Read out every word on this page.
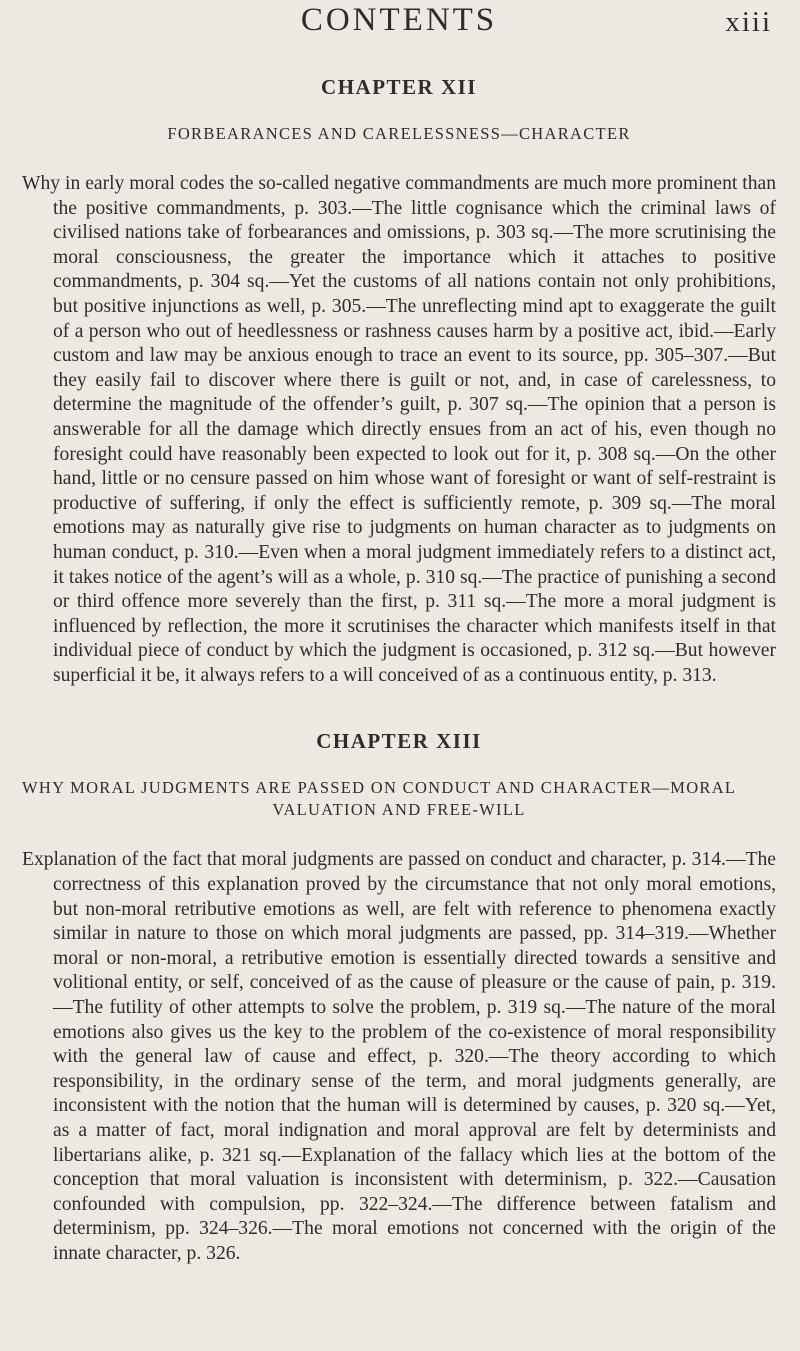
CONTENTS	xiii
CHAPTER XII
FORBEARANCES AND CARELESSNESS—CHARACTER

Why in early moral codes the so-called negative commandments are much more prominent than the positive commandments, p. 303.—The little cognisance which the criminal laws of civilised nations take of forbearances and omissions, p. 303 sq.—The more scrutinising the moral consciousness, the greater the importance which it attaches to positive commandments, p. 304 sq.—Yet the customs of all nations contain not only prohibitions, but positive injunctions as well, p. 305.—The unreflecting mind apt to exaggerate the guilt of a person who out of heedlessness or rashness causes harm by a positive act, ibid.—Early custom and law may be anxious enough to trace an event to its source, pp. 305–307.—But they easily fail to discover where there is guilt or not, and, in case of carelessness, to determine the magnitude of the offender’s guilt, p. 307 sq.—The opinion that a person is answerable for all the damage which directly ensues from an act of his, even though no foresight could have reasonably been expected to look out for it, p. 308 sq.—On the other hand, little or no censure passed on him whose want of foresight or want of self-restraint is productive of suffering, if only the effect is sufficiently remote, p. 309 sq.—The moral emotions may as naturally give rise to judgments on human character as to judgments on human conduct, p. 310.—Even when a moral judgment immediately refers to a distinct act, it takes notice of the agent’s will as a whole, p. 310 sq.—The practice of punishing a second or third offence more severely than the first, p. 311 sq.—The more a moral judgment is influenced by reflection, the more it scrutinises the character which manifests itself in that individual piece of conduct by which the judgment is occasioned, p. 312 sq.—But however superficial it be, it always refers to a will conceived of as a continuous entity, p. 313.

CHAPTER XIII
WHY MORAL JUDGMENTS ARE PASSED ON CONDUCT AND CHARACTER—MORAL
VALUATION AND FREE-WILL

Explanation of the fact that moral judgments are passed on conduct and character, p. 314.—The correctness of this explanation proved by the circumstance that not only moral emotions, but non-moral retributive emotions as well, are felt with reference to phenomena exactly similar in nature to those on which moral judgments are passed, pp. 314–319.—Whether moral or non-moral, a retributive emotion is essentially directed towards a sensitive and volitional entity, or self, conceived of as the cause of pleasure or the cause of pain, p. 319.—The futility of other attempts to solve the problem, p. 319 sq.—The nature of the moral emotions also gives us the key to the problem of the co-existence of moral responsibility with the general law of cause and effect, p. 320.—The theory according to which responsibility, in the ordinary sense of the term, and moral judgments generally, are inconsistent with the notion that the human will is determined by causes, p. 320 sq.—Yet, as a matter of fact, moral indignation and moral approval are felt by determinists and libertarians alike, p. 321 sq.—Explanation of the fallacy which lies at the bottom of the conception that moral valuation is inconsistent with determinism, p. 322.—Causation confounded with compulsion, pp. 322–324.—The difference between fatalism and determinism, pp. 324–326.—The moral emotions not concerned with the origin of the innate character, p. 326.
